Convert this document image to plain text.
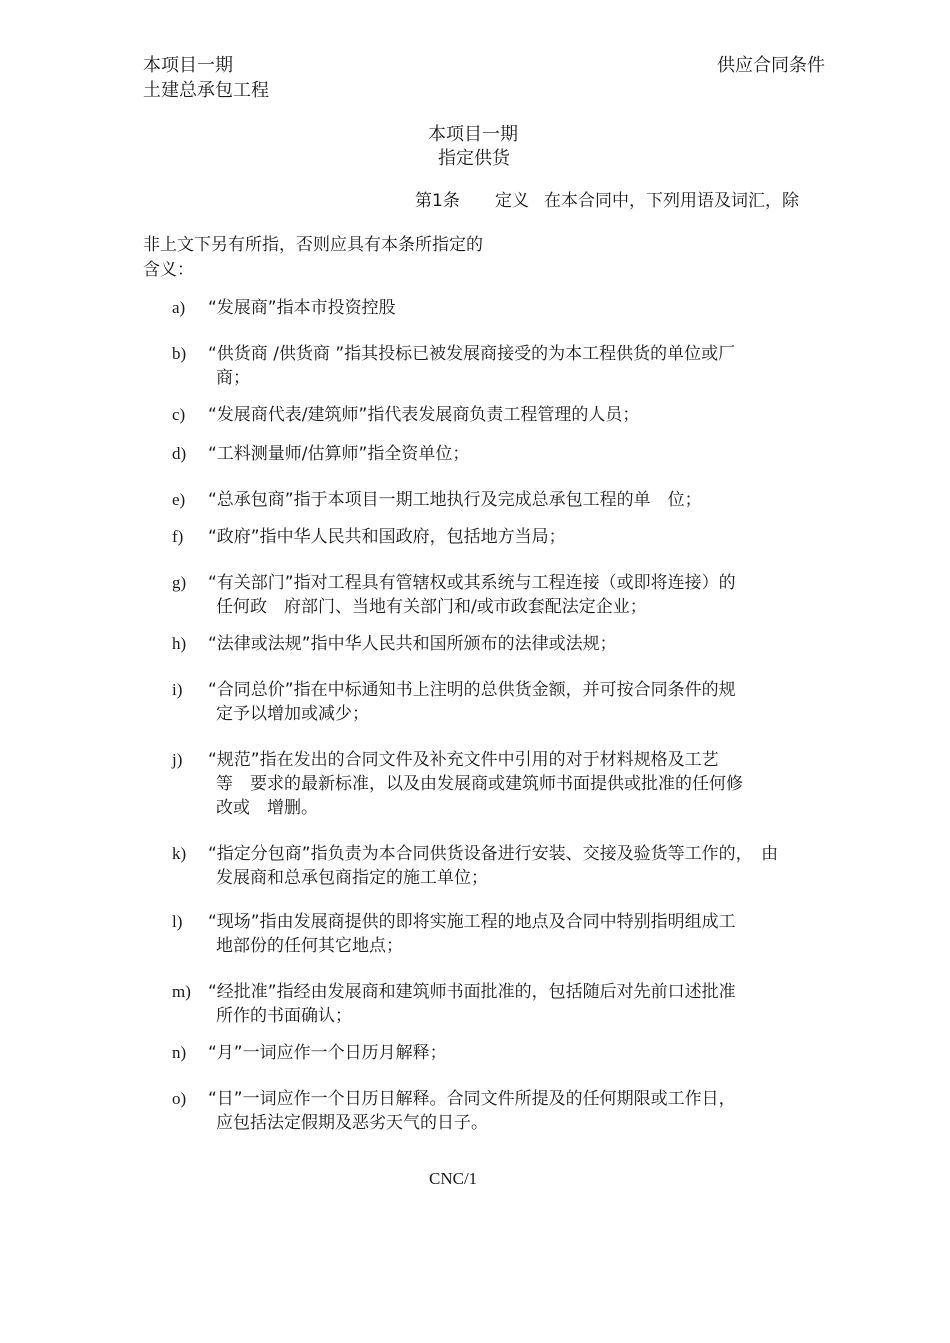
本项目一期
土建总承包工程
供应合同条件
本项目一期
指定供货
第1条 定义 在本合同中，下列用语及词汇，除
非上文下另有所指，否则应具有本条所指定的
含义：
a) “发展商”指本市投资控股
b) “供货商 /供货商 ”指其投标已被发展商接受的为本工程供货的单位或厂
商；
c) “发展商代表/建筑师”指代表发展商负责工程管理的人员；
d) “工料测量师/估算师”指全资单位；
e) “总承包商”指于本项目一期工地执行及完成总承包工程的单　位；
f) “政府”指中华人民共和国政府，包括地方当局；
g) “有关部门”指对工程具有管辖权或其系统与工程连接（或即将连接）的
任何政　府部门、当地有关部门和/或市政套配法定企业；
h) “法律或法规”指中华人民共和国所颁布的法律或法规；
i) “合同总价”指在中标通知书上注明的总供货金额，并可按合同条件的规
定予以增加或减少；
j) “规范”指在发出的合同文件及补充文件中引用的对于材料规格及工艺
等　要求的最新标准，以及由发展商或建筑师书面提供或批准的任何修
改或　增删。
k) “指定分包商”指负责为本合同供货设备进行安装、交接及验货等工作的，　由
发展商和总承包商指定的施工单位；
l) “现场”指由发展商提供的即将实施工程的地点及合同中特别指明组成工
地部份的任何其它地点；
m) “经批准”指经由发展商和建筑师书面批准的，包括随后对先前口述批准
所作的书面确认；
n) “月”一词应作一个日历月解释；
o) “日”一词应作一个日历日解释。合同文件所提及的任何期限或工作日，
应包括法定假期及恶劣天气的日子。
CNC/1
